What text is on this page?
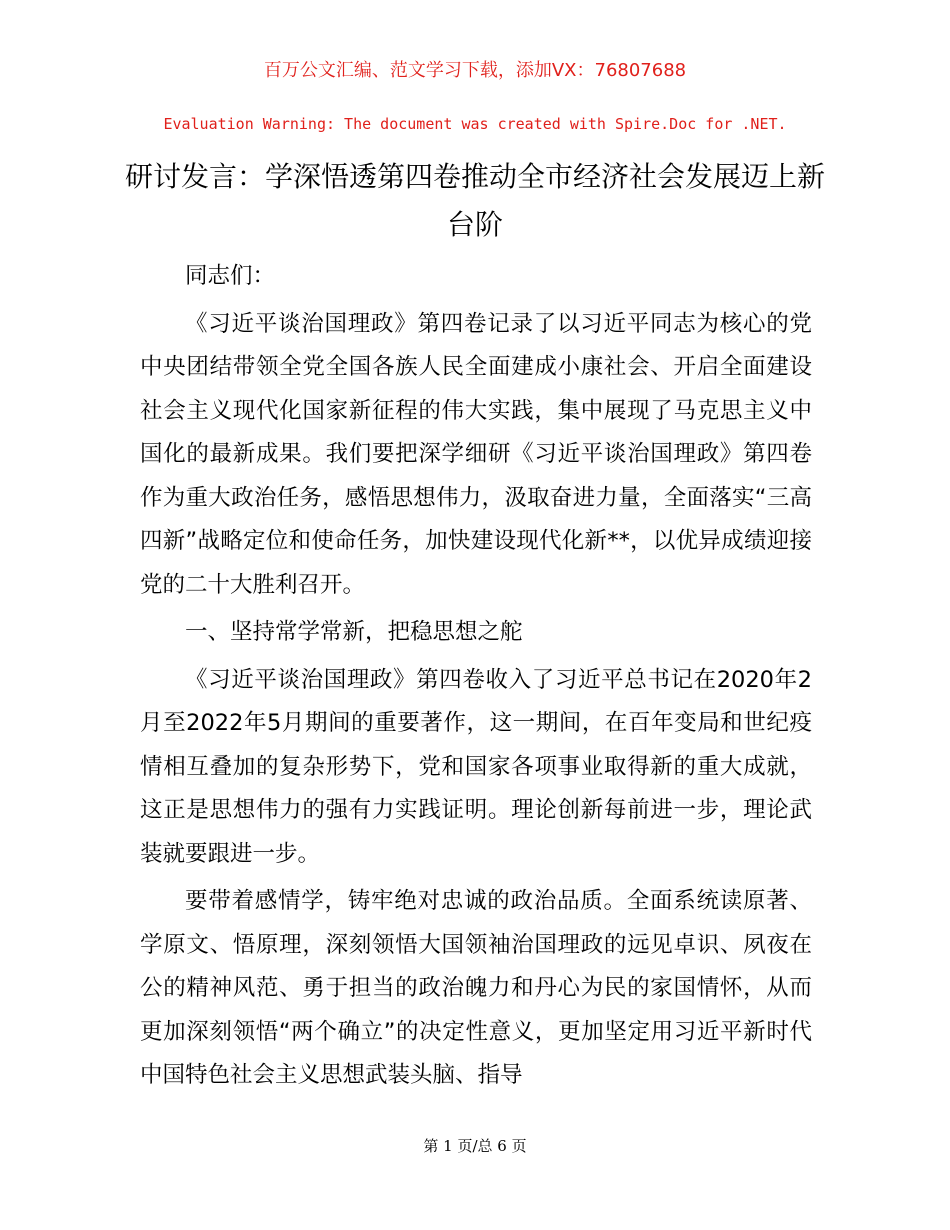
百万公文汇编、范文学习下载，添加VX：76807688
Evaluation Warning: The document was created with Spire.Doc for .NET.
研讨发言：学深悟透第四卷推动全市经济社会发展迈上新台阶

同志们：

《习近平谈治国理政》第四卷记录了以习近平同志为核心的党中央团结带领全党全国各族人民全面建成小康社会、开启全面建设社会主义现代化国家新征程的伟大实践，集中展现了马克思主义中国化的最新成果。我们要把深学细研《习近平谈治国理政》第四卷作为重大政治任务，感悟思想伟力，汲取奋进力量，全面落实“三高四新”战略定位和使命任务，加快建设现代化新**，以优异成绩迎接党的二十大胜利召开。

一、坚持常学常新，把稳思想之舵

《习近平谈治国理政》第四卷收入了习近平总书记在2020年2月至2022年5月期间的重要著作，这一期间，在百年变局和世纪疫情相互叠加的复杂形势下，党和国家各项事业取得新的重大成就，这正是思想伟力的强有力实践证明。理论创新每前进一步，理论武装就要跟进一步。

要带着感情学，铸牢绝对忠诚的政治品质。全面系统读原著、学原文、悟原理，深刻领悟大国领袖治国理政的远见卓识、夙夜在公的精神风范、勇于担当的政治魄力和丹心为民的家国情怀，从而更加深刻领悟“两个确立”的决定性意义，更加坚定用习近平新时代中国特色社会主义思想武装头脑、指导

第 1 页/总 6 页
